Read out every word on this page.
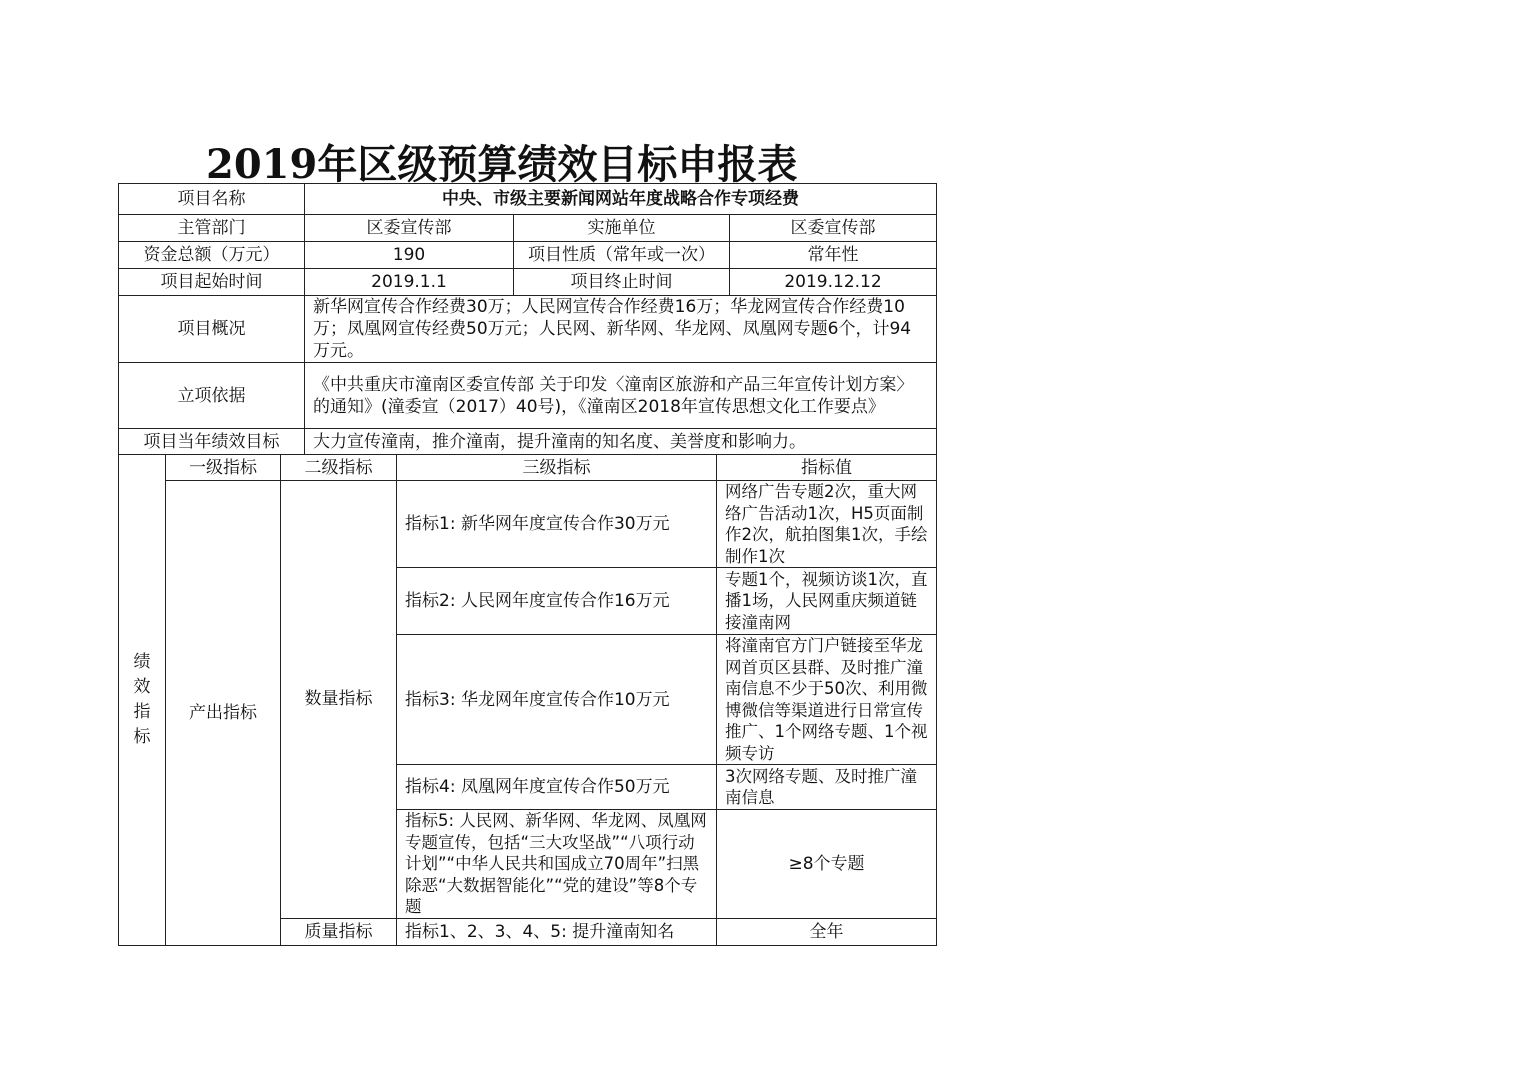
2019年区级预算绩效目标申报表
项目名称	中央、市级主要新闻网站年度战略合作专项经费		
主管部门	区委宣传部	实施单位	区委宣传部
资金总额（万元）	190	项目性质（常年或一次）	常年性
项目起始时间	2019.1.1	项目终止时间	2019.12.12
项目概况	新华网宣传合作经费30万；人民网宣传合作经费16万；华龙网宣传合作经费10万；凤凰网宣传经费50万元；人民网、新华网、华龙网、凤凰网专题6个，计94万元。		
立项依据	《中共重庆市潼南区委宣传部 关于印发〈潼南区旅游和产品三年宣传计划方案〉的通知》(潼委宣（2017）40号)，《潼南区2018年宣传思想文化工作要点》		
项目当年绩效目标	大力宣传潼南，推介潼南，提升潼南的知名度、美誉度和影响力。		
绩
效
指
标	一级指标	二级指标	三级指标	指标值
	产出指标	数量指标	指标1: 新华网年度宣传合作30万元	网络广告专题2次，重大网络广告活动1次，H5页面制作2次，航拍图集1次，手绘制作1次
			指标2: 人民网年度宣传合作16万元	专题1个，视频访谈1次，直播1场，人民网重庆频道链接潼南网
			指标3: 华龙网年度宣传合作10万元	将潼南官方门户链接至华龙网首页区县群、及时推广潼南信息不少于50次、利用微博微信等渠道进行日常宣传推广、1个网络专题、1个视频专访
			指标4: 凤凰网年度宣传合作50万元	3次网络专题、及时推广潼南信息
			指标5: 人民网、新华网、华龙网、凤凰网专题宣传，包括“三大攻坚战”“八项行动计划”“中华人民共和国成立70周年”扫黑除恶“大数据智能化”“党的建设”等8个专题	≥8个专题

		质量指标	指标1、2、3、4、5: 提升潼南知名	全年
